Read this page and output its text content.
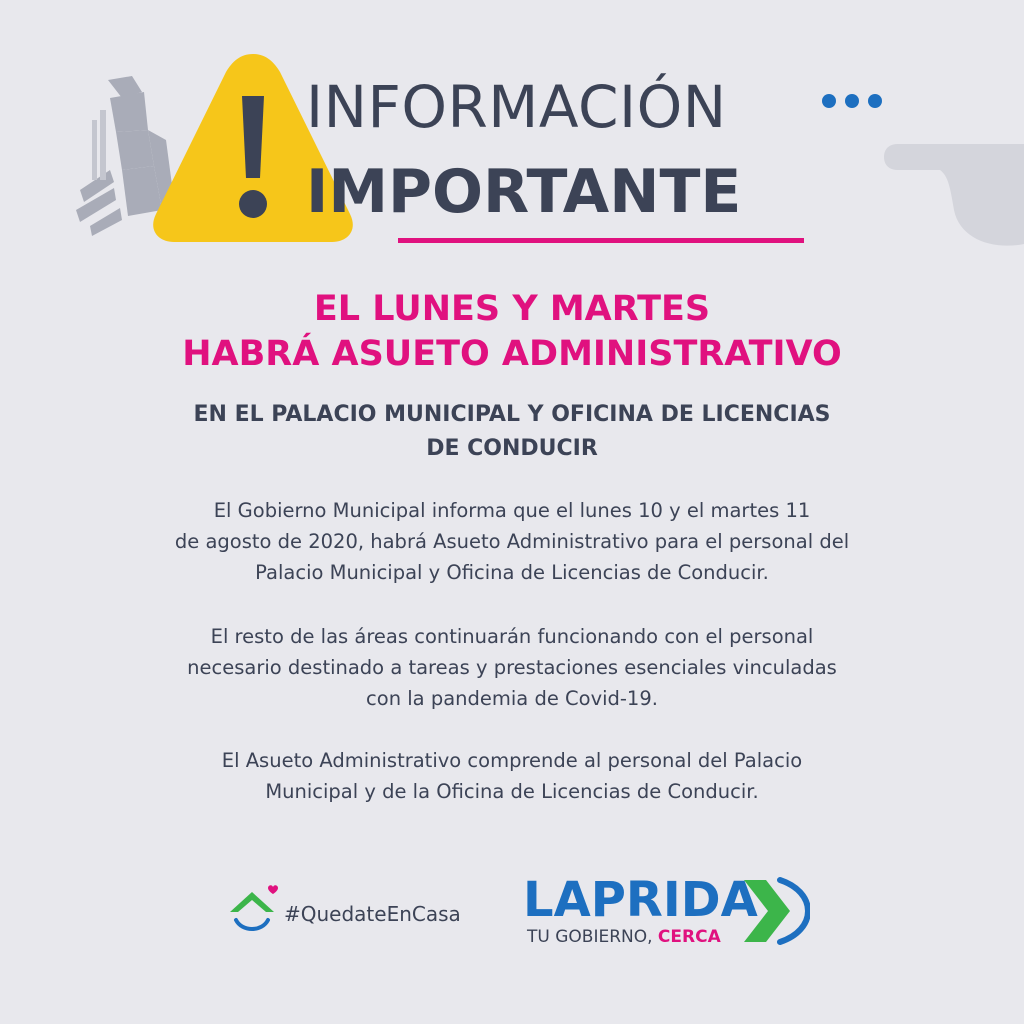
INFORMACIÓN
IMPORTANTE
EL LUNES Y MARTES
HABRÁ ASUETO ADMINISTRATIVO
EN EL PALACIO MUNICIPAL Y OFICINA DE LICENCIAS
DE CONDUCIR
El Gobierno Municipal informa que el lunes 10 y el martes 11
de agosto de 2020, habrá Asueto Administrativo para el personal del
Palacio Municipal y Oficina de Licencias de Conducir.
El resto de las áreas continuarán funcionando con el personal
necesario destinado a tareas y prestaciones esenciales vinculadas
con la pandemia de Covid-19.
El Asueto Administrativo comprende al personal del Palacio
Municipal y de la Oficina de Licencias de Conducir.
#QuedateEnCasa LAPRIDA
TU GOBIERNO, CERCA
